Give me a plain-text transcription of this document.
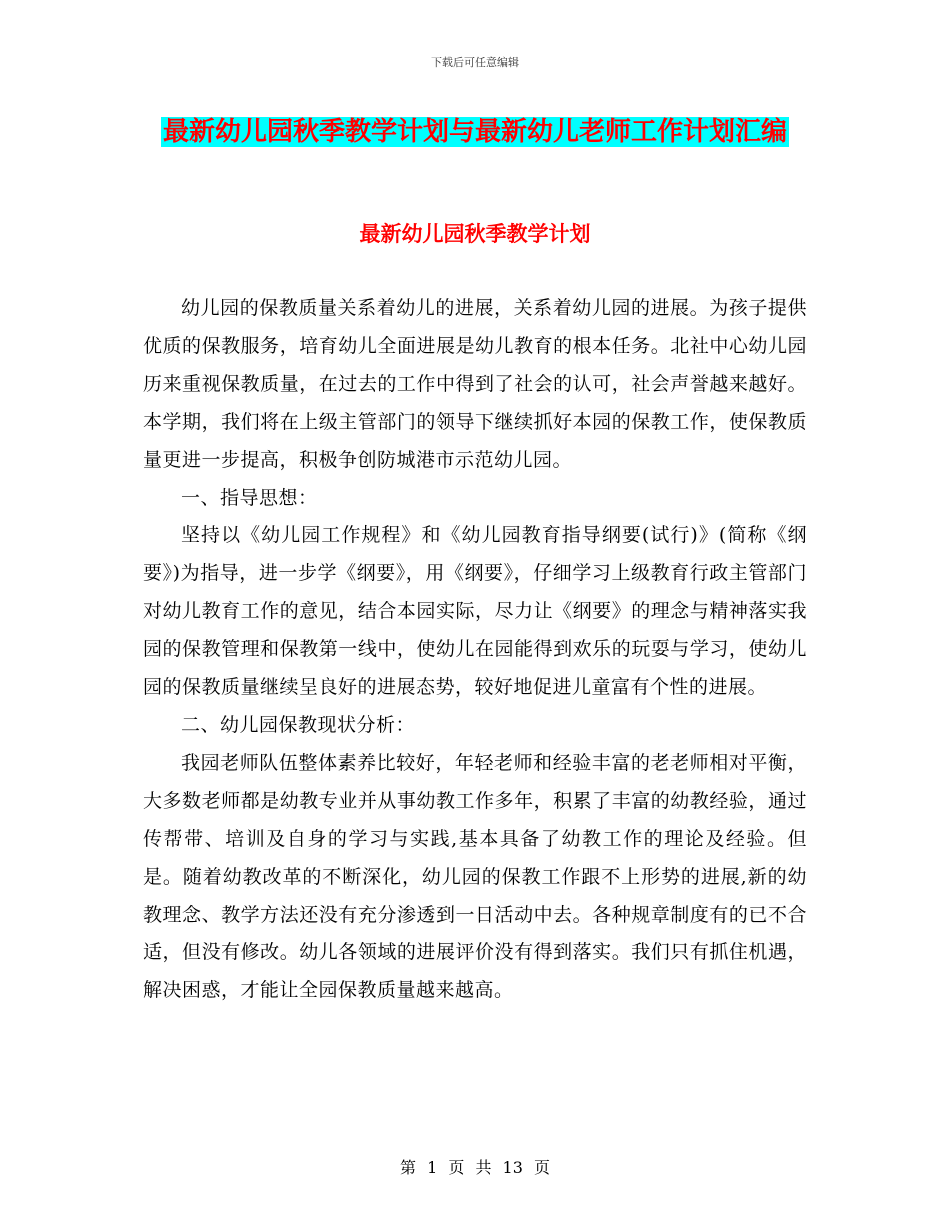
下载后可任意编辑
最新幼儿园秋季教学计划与最新幼儿老师工作计划汇编
最新幼儿园秋季教学计划

幼儿园的保教质量关系着幼儿的进展，关系着幼儿园的进展。为孩子提供优质的保教服务，培育幼儿全面进展是幼儿教育的根本任务。北社中心幼儿园历来重视保教质量，在过去的工作中得到了社会的认可，社会声誉越来越好。本学期，我们将在上级主管部门的领导下继续抓好本园的保教工作，使保教质量更进一步提高，积极争创防城港市示范幼儿园。

一、指导思想：

坚持以《幼儿园工作规程》和《幼儿园教育指导纲要(试行)》(简称《纲要》)为指导，进一步学《纲要》，用《纲要》，仔细学习上级教育行政主管部门对幼儿教育工作的意见，结合本园实际，尽力让《纲要》的理念与精神落实我园的保教管理和保教第一线中，使幼儿在园能得到欢乐的玩耍与学习，使幼儿园的保教质量继续呈良好的进展态势，较好地促进儿童富有个性的进展。

二、幼儿园保教现状分析：

我园老师队伍整体素养比较好，年轻老师和经验丰富的老老师相对平衡，大多数老师都是幼教专业并从事幼教工作多年，积累了丰富的幼教经验，通过传帮带、培训及自身的学习与实践,基本具备了幼教工作的理论及经验。但是。随着幼教改革的不断深化，幼儿园的保教工作跟不上形势的进展,新的幼教理念、教学方法还没有充分渗透到一日活动中去。各种规章制度有的已不合适，但没有修改。幼儿各领域的进展评价没有得到落实。我们只有抓住机遇，解决困惑，才能让全园保教质量越来越高。

第 1 页 共 13 页
